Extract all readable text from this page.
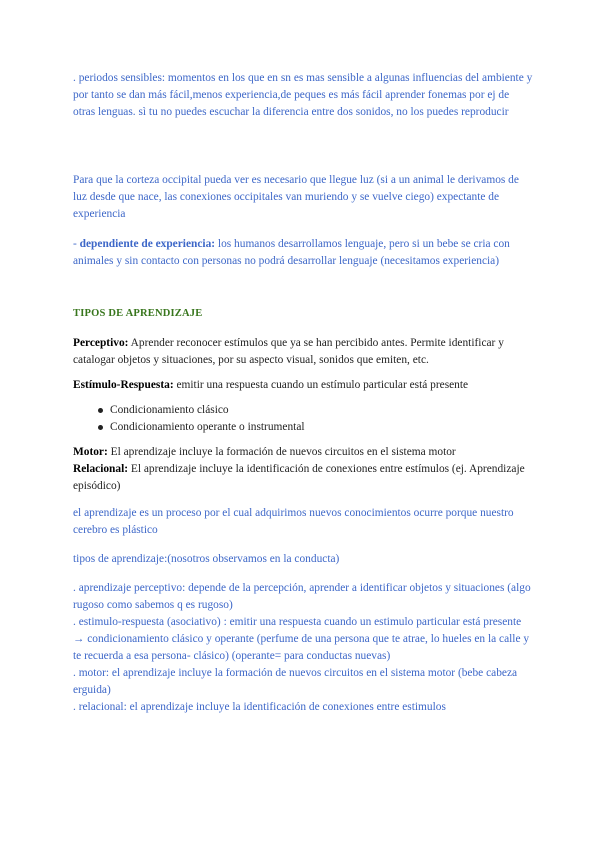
. periodos sensibles: momentos en los que en sn es mas sensible a algunas influencias del ambiente y por tanto se dan más fácil,menos experiencia,de peques es más fácil aprender fonemas por ej de otras lenguas. sì tu no puedes escuchar la diferencia entre dos sonidos, no los puedes reproducir

Para que la corteza occipital pueda ver es necesario que llegue luz (si a un animal le derivamos de luz desde que nace, las conexiones occipitales van muriendo y se vuelve ciego) expectante de experiencia

- dependiente de experiencia: los humanos desarrollamos lenguaje, pero si un bebe se cria con animales y sin contacto con personas no podrá desarrollar lenguaje (necesitamos experiencia)

TIPOS DE APRENDIZAJE

Perceptivo: Aprender reconocer estímulos que ya se han percibido antes. Permite identificar y catalogar objetos y situaciones, por su aspecto visual, sonidos que emiten, etc.

Estímulo-Respuesta: emitir una respuesta cuando un estímulo particular está presente

Condicionamiento clásico
Condicionamiento operante o instrumental

Motor: El aprendizaje incluye la formación de nuevos circuitos en el sistema motor

Relacional: El aprendizaje incluye la identificación de conexiones entre estímulos (ej. Aprendizaje episódico)

el aprendizaje es un proceso por el cual adquirimos nuevos conocimientos ocurre porque nuestro cerebro es plástico

tipos de aprendizaje:(nosotros observamos en la conducta)

. aprendizaje perceptivo: depende de la percepción, aprender a identificar objetos y situaciones (algo rugoso como sabemos q es rugoso)

. estimulo-respuesta (asociativo) : emitir una respuesta cuando un estimulo particular está presente → condicionamiento clásico y operante (perfume de una persona que te atrae, lo hueles en la calle y te recuerda a esa persona- clásico) (operante= para conductas nuevas)

. motor: el aprendizaje incluye la formación de nuevos circuitos en el sistema motor (bebe cabeza erguida)

. relacional: el aprendizaje incluye la identificación de conexiones entre estimulos
